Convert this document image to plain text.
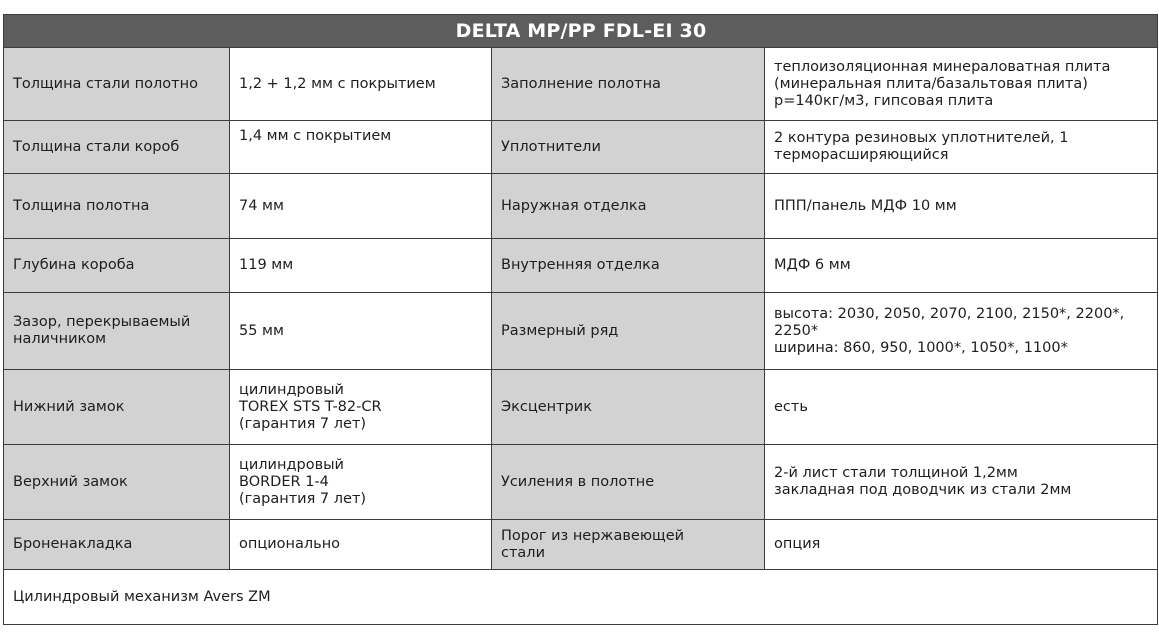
DELTA MP/PP FDL-EI 30			

Толщина стали полотно	1,2 + 1,2 мм с покрытием	Заполнение полотна	теплоизоляционная минераловатная плита
(минеральная плита/базальтовая плита)
р=140кг/м3, гипсовая плита

Толщина стали короб	1,4 мм с покрытием	Уплотнители	2 контура резиновых уплотнителей, 1
терморасширяющийся

Толщина полотна	74 мм	Наружная отделка	ППП/панель МДФ 10 мм

Глубина короба	119 мм	Внутренняя отделка	МДФ 6 мм

Зазор, перекрываемый
наличником	55 мм	Размерный ряд	высота: 2030, 2050, 2070, 2100, 2150*, 2200*,
2250*
ширина: 860, 950, 1000*, 1050*, 1100*

Нижний замок	цилиндровый
TOREX STS T-82-CR
(гарантия 7 лет)	Эксцентрик	есть

Верхний замок	цилиндровый
BORDER 1-4
(гарантия 7 лет)	Усиления в полотне	2-й лист стали толщиной 1,2мм
закладная под доводчик из стали 2мм

Броненакладка	опционально	Порог из нержавеющей
стали	опция

Цилиндровый механизм Avers ZM			
